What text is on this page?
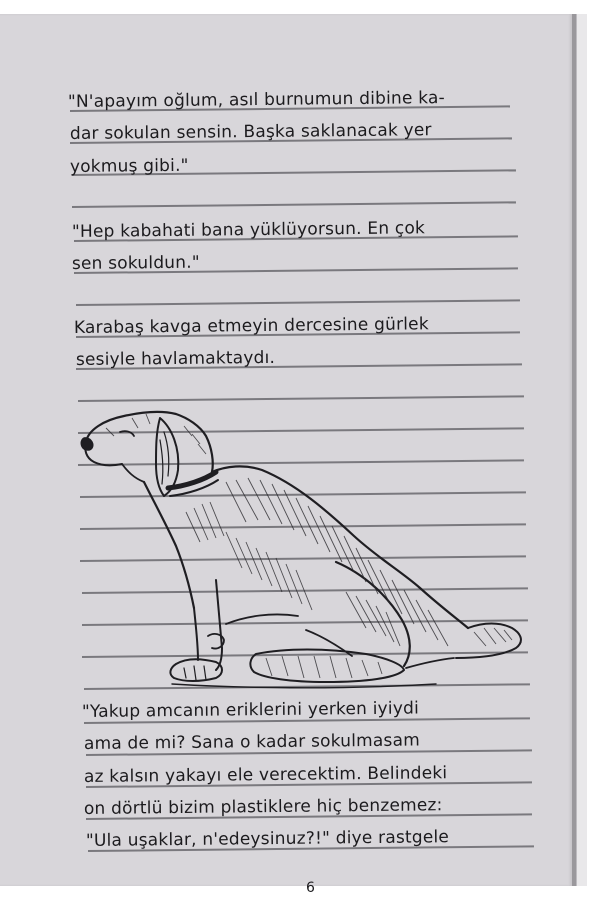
"N'apayım oğlum, asıl burnumun dibine ka-
dar sokulan sensin. Başka saklanacak yer
yokmuş gibi."
"Hep kabahati bana yüklüyorsun. En çok
sen sokuldun."
Karabaş kavga etmeyin dercesine gürlek
sesiyle havlamaktaydı.
"Yakup amcanın eriklerini yerken iyiydi
ama de mi? Sana o kadar sokulmasam
az kalsın yakayı ele verecektim. Belindeki
on dörtlü bizim plastiklere hiç benzemez:
"Ula uşaklar, n'edeysinuz?!" diye rastgele
6
